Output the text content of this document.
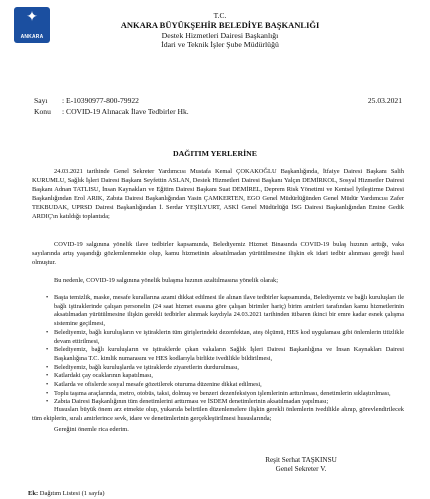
✦
ANKARA
T.C.
ANKARA BÜYÜKŞEHİR BELEDİYE BAŞKANLIĞI
Destek Hizmetleri Dairesi Başkanlığı
İdari ve Teknik İşler Şube Müdürlüğü
Sayı : E-10390977-800-79922	25.03.2021
Konu : COVID-19 Alınacak İlave Tedbirler Hk.
DAĞITIM YERLERİNE
24.03.2021 tarihinde Genel Sekreter Yardımcısı Mustafa Kemal ÇOKAKOĞLU Başkanlığında, İtfaiye Dairesi Başkanı Salih KURUMLU, Sağlık İşleri Dairesi Başkanı Seyfettin ASLAN, Destek Hizmetleri Dairesi Başkanı Yalçın DEMİRKOL, Sosyal Hizmetler Dairesi Başkanı Adnan TATLISU, İnsan Kaynakları ve Eğitim Dairesi Başkanı Suat DEMİREL, Deprem Risk Yönetimi ve Kentsel İyileştirme Dairesi Başkanlığından Erol ARIK, Zabıta Dairesi Başkanlığından Yasin ÇAMKERTEN, EGO Genel Müdürlüğünden Genel Müdür Yardımcısı Zafer TEKBUDAK, UPRSD Dairesi Başkanlığından İ. Serdar YEŞİLYURT, ASKİ Genel Müdürlüğü İSG Dairesi Başkanlığından Emine Gedik ARDIÇ'ın katıldığı toplantıda;
COVID-19 salgınına yönelik ilave tedbirler kapsamında, Belediyemiz Hizmet Binasında COVID-19 bulaş hızının arttığı, vaka sayılarında artış yaşandığı gözlemlenmekte olup, kamu hizmetinin aksatılmadan yürütülmesine ilişkin ek idari tedbir alınması gereği hasıl olmuştur.
Bu nedenle, COVID-19 salgınına yönelik bulaşma hızının azaltılmasına yönelik olarak;
• Başta temizlik, maske, mesafe kurallarına azami dikkat edilmesi ile alınan ilave tedbirler kapsamında, Belediyemiz ve bağlı kuruluşları ile bağlı iştiraklerinde çalışan personelin (24 saat hizmet esasına göre çalışan birimler hariç) birim amirleri tarafından kamu hizmetlerinin aksatılmadan yürütülmesine ilişkin gerekli tedbirler alınmak kaydıyla 24.03.2021 tarihinden itibaren ikinci bir emre kadar esnek çalışma sistemine geçilmesi,
• Belediyemiz, bağlı kuruluşların ve iştiraklerin tüm girişlerindeki dezenfektan, ateş ölçümü, HES kod uygulaması gibi önlemlerin titizlikle devam ettirilmesi,
• Belediyemiz, bağlı kuruluşların ve iştiraklerde çıkan vakaların Sağlık İşleri Dairesi Başkanlığına ve İnsan Kaynakları Dairesi Başkanlığına T.C. kimlik numarasını ve HES kodlarıyla birlikte ivedilikle bildirilmesi,
• Belediyemiz, bağlı kuruluşlarda ve iştiraklerde ziyaretlerin durdurulması,
• Katlardaki çay ocaklarının kapatılması,
• Katlarda ve ofislerde sosyal mesafe gözetilerek oturuma düzenine dikkat edilmesi,
• Toplu taşıma araçlarında, metro, otobüs, taksi, dolmuş ve benzeri dezenfeksiyon işlemlerinin arttırılması, denetimlerin sıklaştırılması,
• Zabıta Dairesi Başkanlığının tüm denetimlerini arttırması ve İSDEM denetimlerinin aksatılmadan yapılması;
Hususları büyük önem arz etmekte olup, yukarıda belirtilen düzenlemelere ilişkin gerekli önlemlerin ivedilikle alınıp, görevlendirilecek tüm ekiplerin, sıralı amirlerince sevk, idare ve denetimlerinin gerçekleştirilmesi hususlarında;
Gereğini önemle rica ederim.
Reşit Serhat TAŞKINSU
Genel Sekreter V.
Ek: Dağıtım Listesi (1 sayfa)
